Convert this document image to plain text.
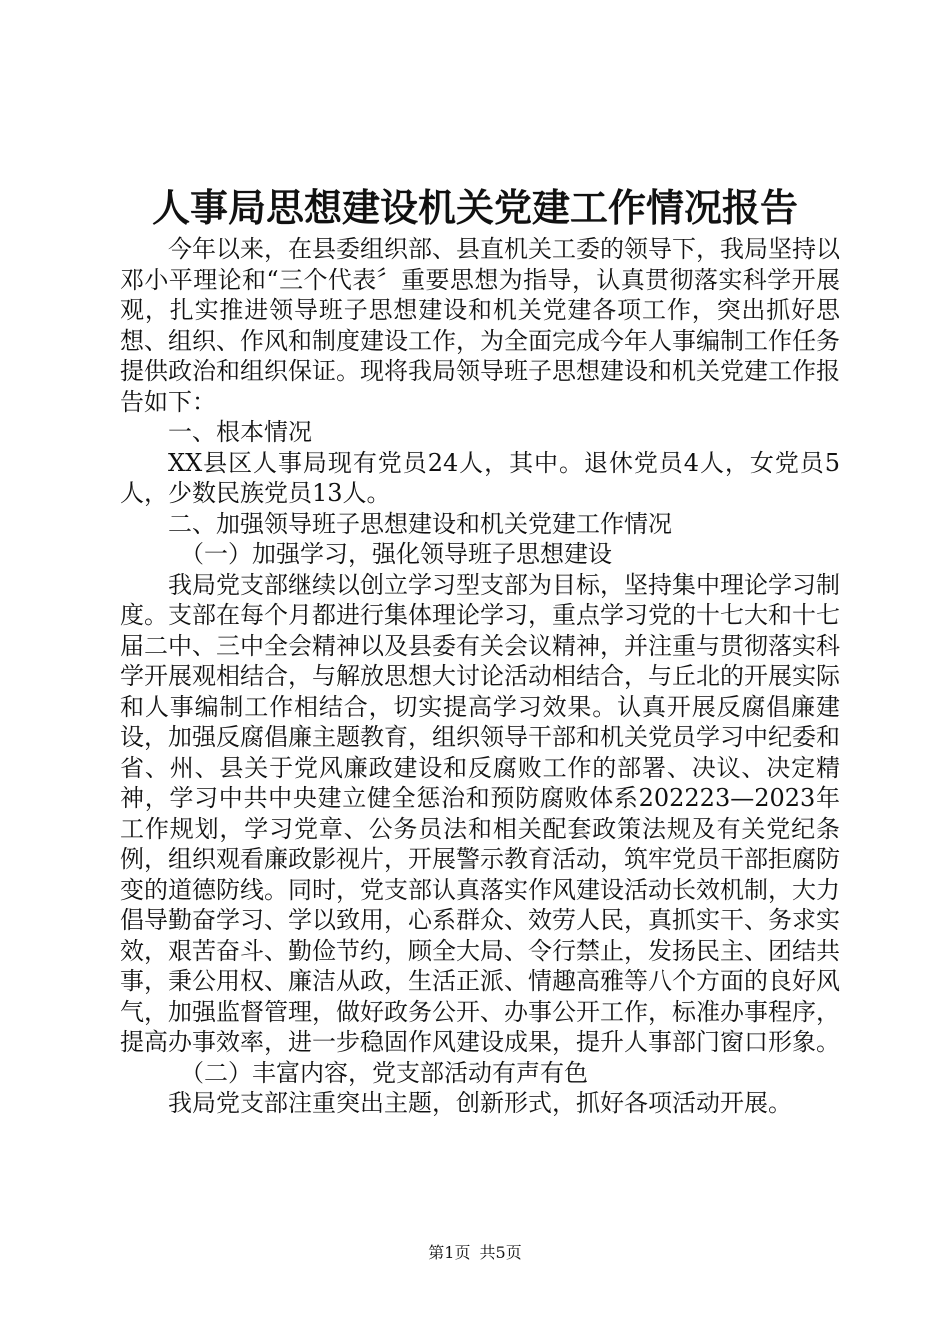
人事局思想建设机关党建工作情况报告

今年以来，在县委组织部、县直机关工委的领导下，我局坚持以邓小平理论和“三个代表〞重要思想为指导，认真贯彻落实科学开展观，扎实推进领导班子思想建设和机关党建各项工作，突出抓好思想、组织、作风和制度建设工作，为全面完成今年人事编制工作任务提供政治和组织保证。现将我局领导班子思想建设和机关党建工作报告如下：

一、根本情况

XX县区人事局现有党员24人，其中。退休党员4人，女党员5人，少数民族党员13人。

二、加强领导班子思想建设和机关党建工作情况

（一）加强学习，强化领导班子思想建设

我局党支部继续以创立学习型支部为目标，坚持集中理论学习制度。支部在每个月都进行集体理论学习，重点学习党的十七大和十七届二中、三中全会精神以及县委有关会议精神，并注重与贯彻落实科学开展观相结合，与解放思想大讨论活动相结合，与丘北的开展实际和人事编制工作相结合，切实提高学习效果。认真开展反腐倡廉建设，加强反腐倡廉主题教育，组织领导干部和机关党员学习中纪委和省、州、县关于党风廉政建设和反腐败工作的部署、决议、决定精神，学习中共中央建立健全惩治和预防腐败体系202223—2023年工作规划，学习党章、公务员法和相关配套政策法规及有关党纪条例，组织观看廉政影视片，开展警示教育活动，筑牢党员干部拒腐防变的道德防线。同时，党支部认真落实作风建设活动长效机制，大力倡导勤奋学习、学以致用，心系群众、效劳人民，真抓实干、务求实效，艰苦奋斗、勤俭节约，顾全大局、令行禁止，发扬民主、团结共事，秉公用权、廉洁从政，生活正派、情趣高雅等八个方面的良好风气，加强监督管理，做好政务公开、办事公开工作，标准办事程序，提高办事效率，进一步稳固作风建设成果，提升人事部门窗口形象。

（二）丰富内容，党支部活动有声有色

我局党支部注重突出主题，创新形式，抓好各项活动开展。

第1页 共5页
